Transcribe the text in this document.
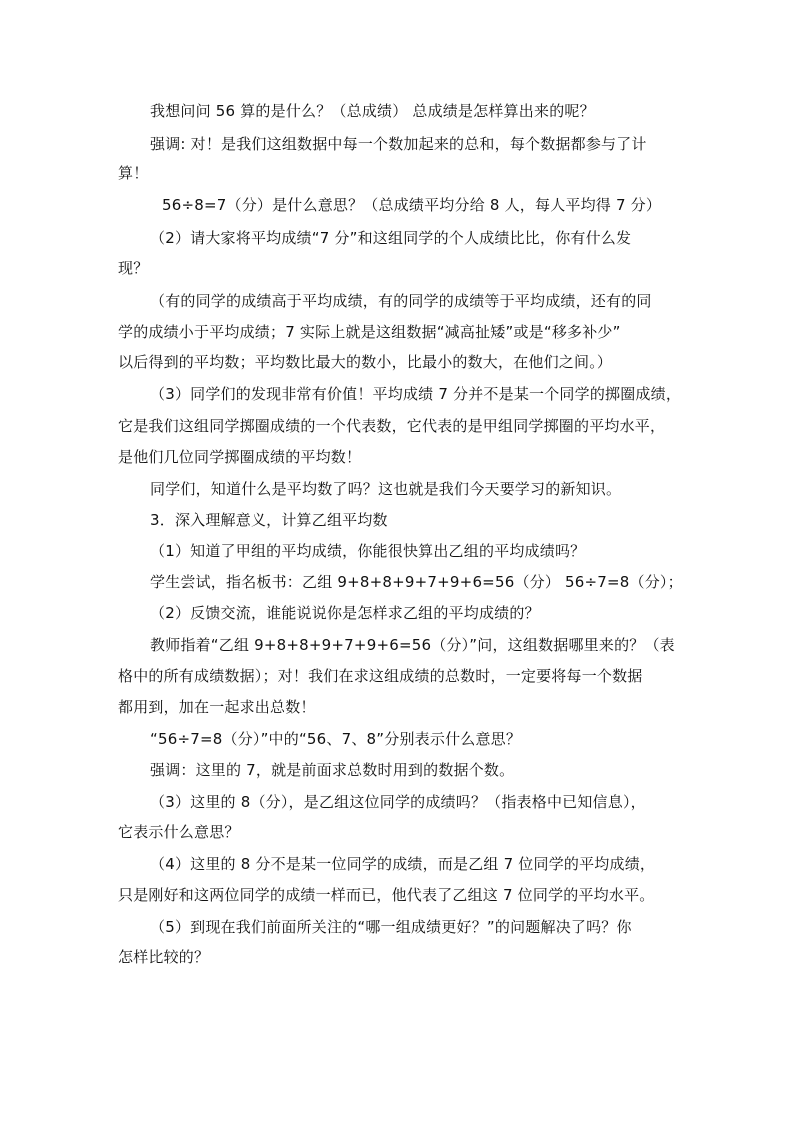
我想问问 56 算的是什么？（总成绩） 总成绩是怎样算出来的呢？
强调: 对！是我们这组数据中每一个数加起来的总和，每个数据都参与了计
算！
56÷8=7（分）是什么意思？（总成绩平均分给 8 人，每人平均得 7 分）
（2）请大家将平均成绩“7 分”和这组同学的个人成绩比比，你有什么发
现？
（有的同学的成绩高于平均成绩，有的同学的成绩等于平均成绩，还有的同
学的成绩小于平均成绩；7 实际上就是这组数据“减高扯矮”或是“移多补少”
以后得到的平均数；平均数比最大的数小，比最小的数大，在他们之间。）
（3）同学们的发现非常有价值！平均成绩 7 分并不是某一个同学的掷圈成绩，
它是我们这组同学掷圈成绩的一个代表数，它代表的是甲组同学掷圈的平均水平，
是他们几位同学掷圈成绩的平均数！
同学们，知道什么是平均数了吗？这也就是我们今天要学习的新知识。
3．深入理解意义，计算乙组平均数
（1）知道了甲组的平均成绩，你能很快算出乙组的平均成绩吗？
学生尝试，指名板书：乙组 9+8+8+9+7+9+6=56（分） 56÷7=8（分）；
（2）反馈交流，谁能说说你是怎样求乙组的平均成绩的？
教师指着“乙组 9+8+8+9+7+9+6=56（分）”问，这组数据哪里来的？（表
格中的所有成绩数据）；对！我们在求这组成绩的总数时，一定要将每一个数据
都用到，加在一起求出总数！
“56÷7=8（分）”中的“56、7、8”分别表示什么意思？
强调：这里的 7，就是前面求总数时用到的数据个数。
（3）这里的 8（分），是乙组这位同学的成绩吗？（指表格中已知信息），
它表示什么意思？
（4）这里的 8 分不是某一位同学的成绩，而是乙组 7 位同学的平均成绩，
只是刚好和这两位同学的成绩一样而已，他代表了乙组这 7 位同学的平均水平。
（5）到现在我们前面所关注的“哪一组成绩更好？”的问题解决了吗？你
怎样比较的？
